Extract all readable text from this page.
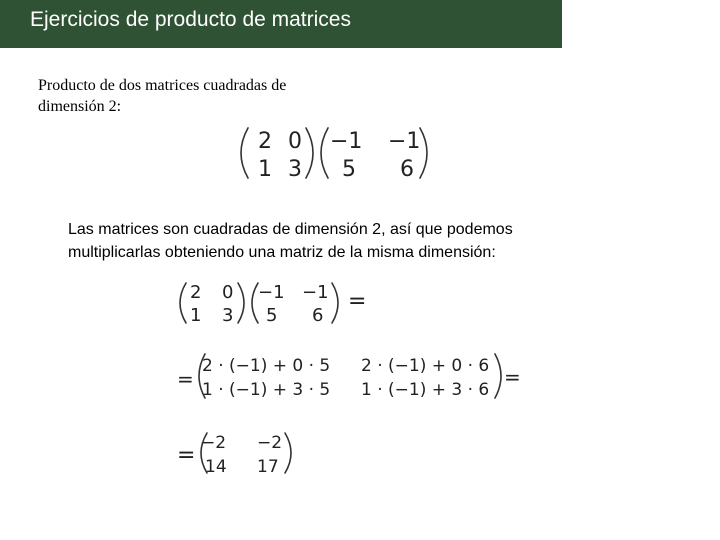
Ejercicios de producto de matrices
Producto de dos matrices cuadradas de dimensión 2:
Las matrices son cuadradas de dimensión 2, así que podemos
multiplicarlas obteniendo una matriz de la misma dimensión:
2 0
1 3
−1 −1
5 6
2 0
1 3
−1 −1
5 6
=
=
2 · (−1) + 0 · 5 2 · (−1) + 0 · 6
1 · (−1) + 3 · 5 1 · (−1) + 3 · 6
=
= −2 −2
14 17
